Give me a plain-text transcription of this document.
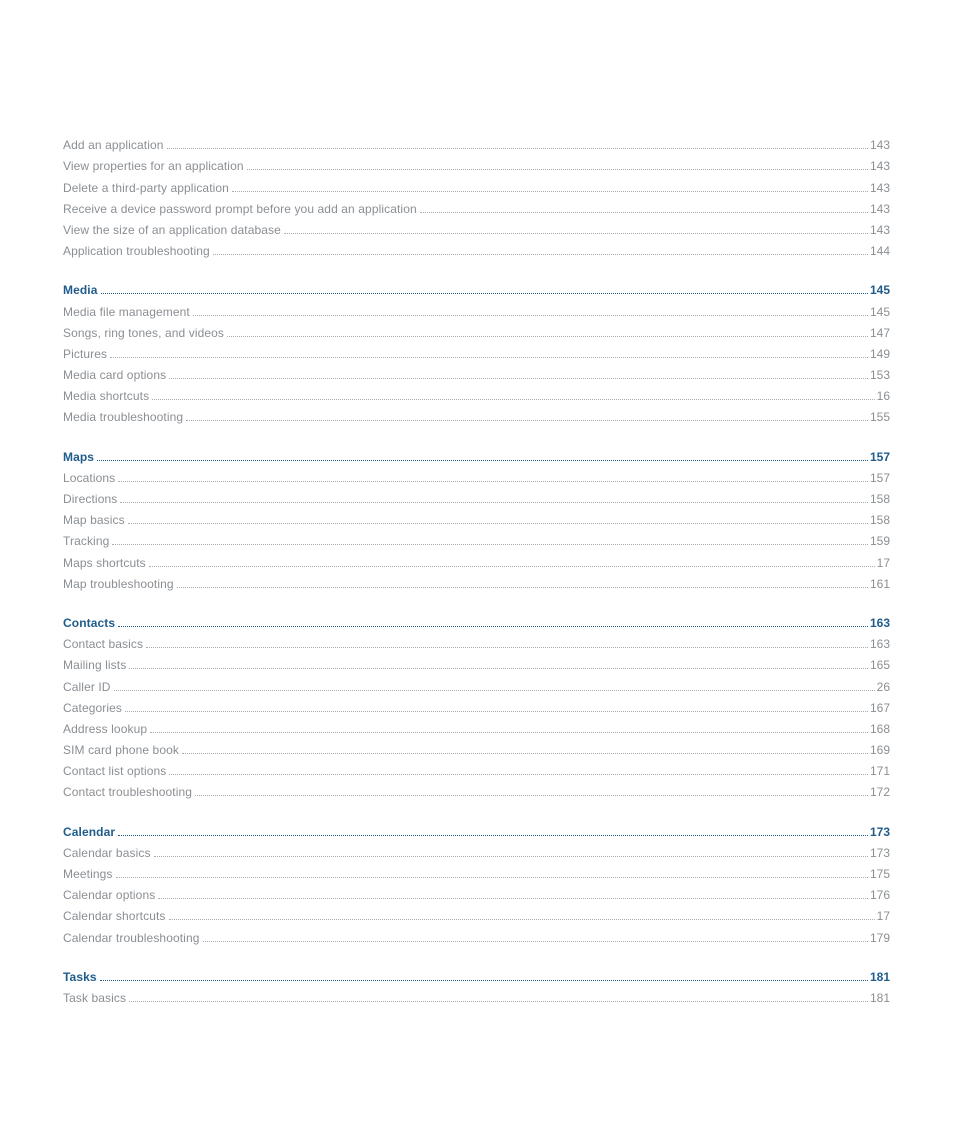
Add an application	143
View properties for an application	143
Delete a third-party application	143
Receive a device password prompt before you add an application	143
View the size of an application database	143
Application troubleshooting	144
Media	145
Media file management	145
Songs, ring tones, and videos	147
Pictures	149
Media card options	153
Media shortcuts	16
Media troubleshooting	155
Maps	157
Locations	157
Directions	158
Map basics	158
Tracking	159
Maps shortcuts	17
Map troubleshooting	161
Contacts	163
Contact basics	163
Mailing lists	165
Caller ID	26
Categories	167
Address lookup	168
SIM card phone book	169
Contact list options	171
Contact troubleshooting	172
Calendar	173
Calendar basics	173
Meetings	175
Calendar options	176
Calendar shortcuts	17
Calendar troubleshooting	179
Tasks	181
Task basics	181
